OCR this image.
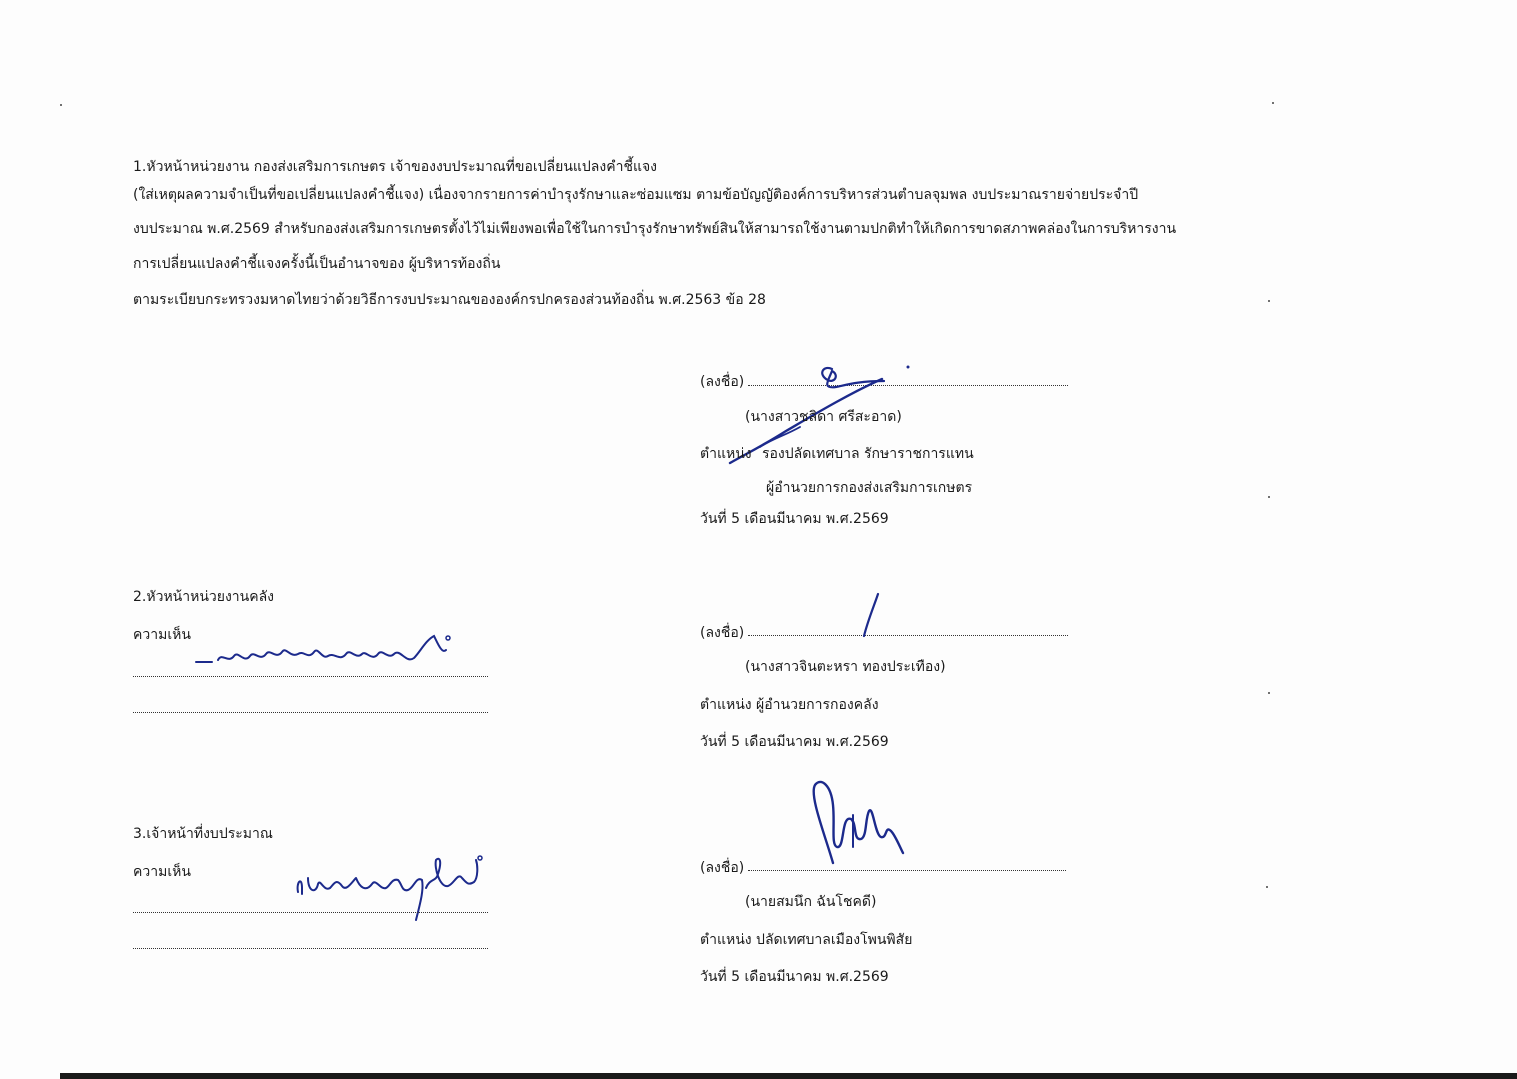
1.หัวหน้าหน่วยงาน กองส่งเสริมการเกษตร เจ้าของงบประมาณที่ขอเปลี่ยนแปลงคำชี้แจง
(ใส่เหตุผลความจำเป็นที่ขอเปลี่ยนแปลงคำชี้แจง) เนื่องจากรายการค่าบำรุงรักษาและซ่อมแซม ตามข้อบัญญัติองค์การบริหารส่วนตำบลจุมพล งบประมาณรายจ่ายประจำปี
งบประมาณ พ.ศ.2569 สำหรับกองส่งเสริมการเกษตรตั้งไว้ไม่เพียงพอเพื่อใช้ในการบำรุงรักษาทรัพย์สินให้สามารถใช้งานตามปกติทำให้เกิดการขาดสภาพคล่องในการบริหารงาน
การเปลี่ยนแปลงคำชี้แจงครั้งนี้เป็นอำนาจของ ผู้บริหารท้องถิ่น
ตามระเบียบกระทรวงมหาดไทยว่าด้วยวิธีการงบประมาณขององค์กรปกครองส่วนท้องถิ่น พ.ศ.2563 ข้อ 28
(ลงชื่อ)
(นางสาวชลิดา ศรีสะอาด)
ตำแหน่ง รองปลัดเทศบาล รักษาราชการแทน
ผู้อำนวยการกองส่งเสริมการเกษตร
วันที่ 5 เดือนมีนาคม พ.ศ.2569
2.หัวหน้าหน่วยงานคลัง
ความเห็น	(ลงชื่อ)
(นางสาวจินตะหรา ทองประเทือง)
ตำแหน่ง ผู้อำนวยการกองคลัง
วันที่ 5 เดือนมีนาคม พ.ศ.2569
3.เจ้าหน้าที่งบประมาณ
ความเห็น	(ลงชื่อ)
(นายสมนึก ฉันโชคดี)
ตำแหน่ง ปลัดเทศบาลเมืองโพนพิสัย
วันที่ 5 เดือนมีนาคม พ.ศ.2569
